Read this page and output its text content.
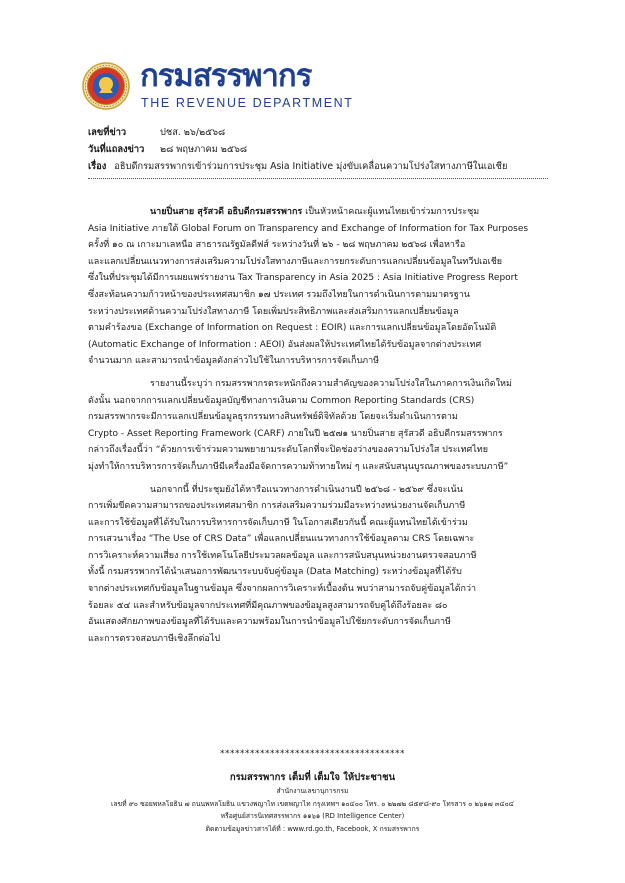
กรมสรรพากร
THE REVENUE DEPARTMENT
เลขที่ข่าว	ปชส. ๒๖/๒๕๖๘
วันที่แถลงข่าว ๒๘ พฤษภาคม ๒๕๖๘
เรื่อง อธิบดีกรมสรรพากรเข้าร่วมการประชุม Asia Initiative มุ่งขับเคลื่อนความโปร่งใสทางภาษีในเอเชีย
นายปิ่นสาย สุรัสวดี อธิบดีกรมสรรพากร เป็นหัวหน้าคณะผู้แทนไทยเข้าร่วมการประชุม
Asia Initiative ภายใต้ Global Forum on Transparency and Exchange of Information for Tax Purposes
ครั้งที่ ๑๐ ณ เกาะมาเลหนือ สาธารณรัฐมัลดีฟส์ ระหว่างวันที่ ๒๖ - ๒๘ พฤษภาคม ๒๕๖๘ เพื่อหารือ
และแลกเปลี่ยนแนวทางการส่งเสริมความโปร่งใสทางภาษีและการยกระดับการแลกเปลี่ยนข้อมูลในทวีปเอเชีย
ซึ่งในที่ประชุมได้มีการเผยแพร่รายงาน Tax Transparency in Asia 2025 : Asia Initiative Progress Report
ซึ่งสะท้อนความก้าวหน้าของประเทศสมาชิก ๑๗ ประเทศ รวมถึงไทยในการดำเนินการตามมาตรฐาน
ระหว่างประเทศด้านความโปร่งใสทางภาษี โดยเพิ่มประสิทธิภาพและส่งเสริมการแลกเปลี่ยนข้อมูล
ตามคำร้องขอ (Exchange of Information on Request : EOIR) และการแลกเปลี่ยนข้อมูลโดยอัตโนมัติ
(Automatic Exchange of Information : AEOI) อันส่งผลให้ประเทศไทยได้รับข้อมูลจากต่างประเทศ
จำนวนมาก และสามารถนำข้อมูลดังกล่าวไปใช้ในการบริหารการจัดเก็บภาษี
รายงานนี้ระบุว่า กรมสรรพากรตระหนักถึงความสำคัญของความโปร่งใสในภาคการเงินเกิดใหม่
ดังนั้น นอกจากการแลกเปลี่ยนข้อมูลบัญชีทางการเงินตาม Common Reporting Standards (CRS)
กรมสรรพากรจะมีการแลกเปลี่ยนข้อมูลธุรกรรมทางสินทรัพย์ดิจิทัลด้วย โดยจะเริ่มดำเนินการตาม
Crypto - Asset Reporting Framework (CARF) ภายในปี ๒๕๗๑ นายปิ่นสาย สุรัสวดี อธิบดีกรมสรรพากร
กล่าวถึงเรื่องนี้ว่า “ด้วยการเข้าร่วมความพยายามระดับโลกที่จะปิดช่องว่างของความโปร่งใส ประเทศไทย
มุ่งทำให้การบริหารการจัดเก็บภาษีมีเครื่องมือจัดการความท้าทายใหม่ ๆ และสนับสนุนบูรณภาพของระบบภาษี”
นอกจากนี้ ที่ประชุมยังได้หารือแนวทางการดำเนินงานปี ๒๕๖๘ - ๒๕๖๙ ซึ่งจะเน้น
การเพิ่มขีดความสามารถของประเทศสมาชิก การส่งเสริมความร่วมมือระหว่างหน่วยงานจัดเก็บภาษี
และการใช้ข้อมูลที่ได้รับในการบริหารการจัดเก็บภาษี ในโอกาสเดียวกันนี้ คณะผู้แทนไทยได้เข้าร่วม
การเสวนาเรื่อง “The Use of CRS Data” เพื่อแลกเปลี่ยนแนวทางการใช้ข้อมูลตาม CRS โดยเฉพาะ
การวิเคราะห์ความเสี่ยง การใช้เทคโนโลยีประมวลผลข้อมูล และการสนับสนุนหน่วยงานตรวจสอบภาษี
ทั้งนี้ กรมสรรพากรได้นำเสนอการพัฒนาระบบจับคู่ข้อมูล (Data Matching) ระหว่างข้อมูลที่ได้รับ
จากต่างประเทศกับข้อมูลในฐานข้อมูล ซึ่งจากผลการวิเคราะห์เบื้องต้น พบว่าสามารถจับคู่ข้อมูลได้กว่า
ร้อยละ ๕๔ และสำหรับข้อมูลจากประเทศที่มีคุณภาพของข้อมูลสูงสามารถจับคู่ได้ถึงร้อยละ ๘๐
อันแสดงศักยภาพของข้อมูลที่ได้รับและความพร้อมในการนำข้อมูลไปใช้ยกระดับการจัดเก็บภาษี
และการตรวจสอบภาษีเชิงลึกต่อไป
*************************************
กรมสรรพากร เต็มที่ เต็มใจ ให้ประชาชน
สำนักงานเลขานุการกรม
เลขที่ ๙๐ ซอยพหลโยธิน ๗ ถนนพหลโยธิน แขวงพญาไท เขตพญาไท กรุงเทพฯ ๑๐๔๐๐ โทร. ๐ ๒๒๗๒ ๘๕๙๘-๙๐ โทรสาร ๐ ๒๖๑๗ ๓๔๐๔
หรือศูนย์สารนิเทศสรรพากร ๑๑๖๑ (RD Intelligence Center)
ติดตามข้อมูลข่าวสารได้ที่ : www.rd.go.th, Facebook, X กรมสรรพากร
